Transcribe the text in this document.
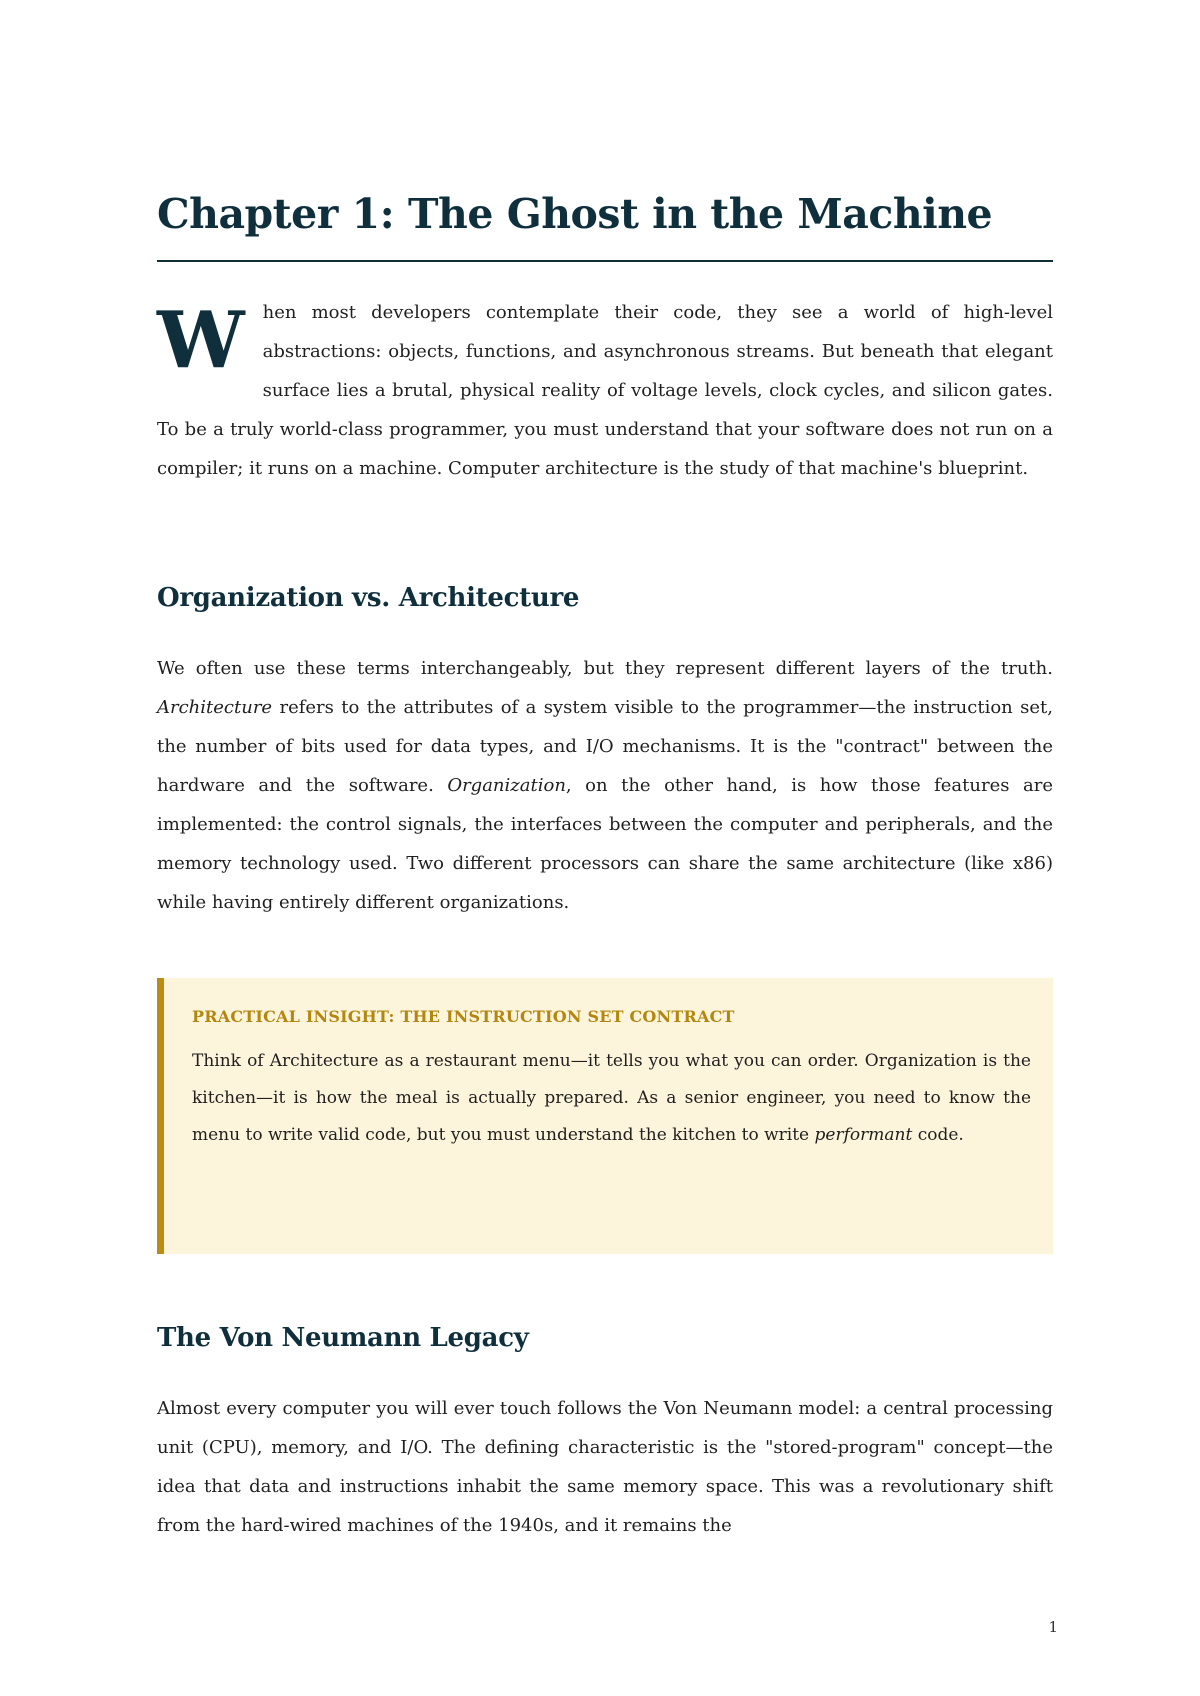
Chapter 1: The Ghost in the Machine
W hen most developers contemplate their code, they see a world of high-level abstractions: objects, functions, and asynchronous streams. But beneath that elegant surface lies a brutal, physical reality of voltage levels, clock cycles, and silicon gates. To be a truly world-class programmer, you must understand that your software does not run on a compiler; it runs on a machine. Computer architecture is the study of that machine's blueprint.
Organization vs. Architecture

We often use these terms interchangeably, but they represent different layers of the truth. Architecture refers to the attributes of a system visible to the programmer—the instruction set, the number of bits used for data types, and I/O mechanisms. It is the "contract" between the hardware and the software. Organization, on the other hand, is how those features are implemented: the control signals, the interfaces between the computer and peripherals, and the memory technology used. Two different processors can share the same architecture (like x86) while having entirely different organizations.

PRACTICAL INSIGHT: THE INSTRUCTION SET CONTRACT

Think of Architecture as a restaurant menu—it tells you what you can order. Organization is the kitchen—it is how the meal is actually prepared. As a senior engineer, you need to know the menu to write valid code, but you must understand the kitchen to write performant code.

The Von Neumann Legacy

Almost every computer you will ever touch follows the Von Neumann model: a central processing unit (CPU), memory, and I/O. The defining characteristic is the "stored-program" concept—the idea that data and instructions inhabit the same memory space. This was a revolutionary shift from the hard-wired machines of the 1940s, and it remains the

1
